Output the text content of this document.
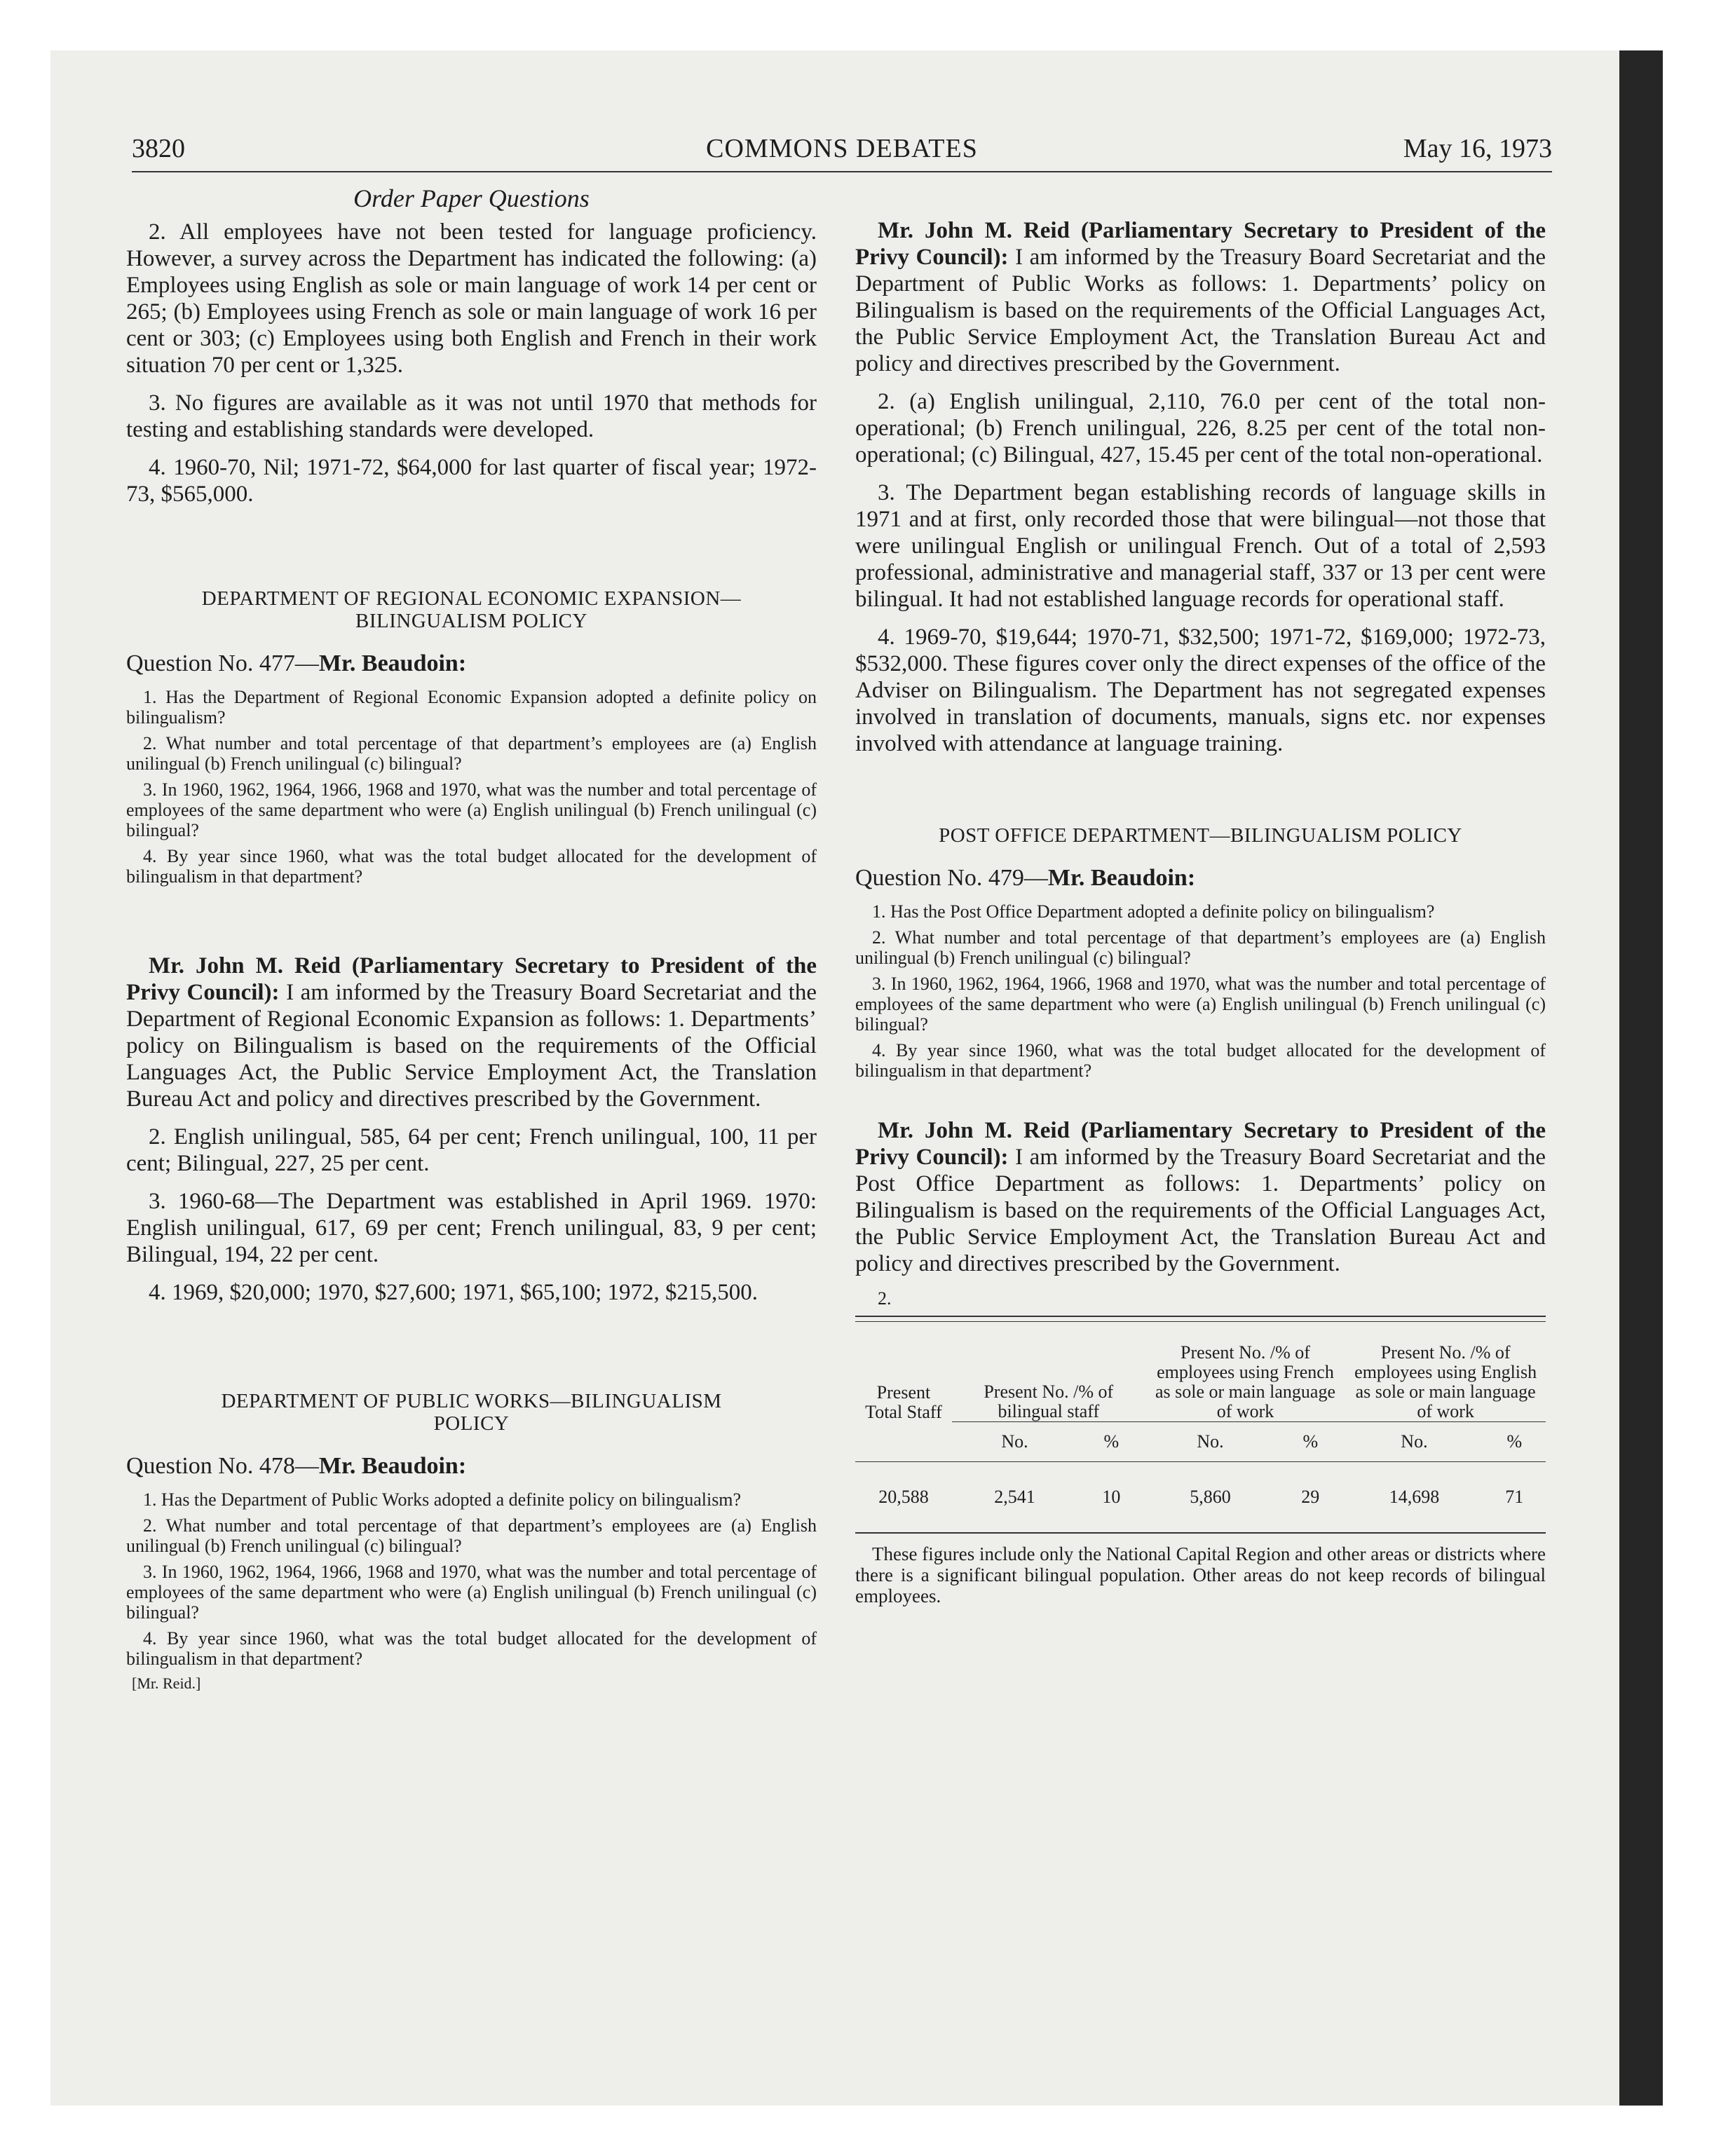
3820	COMMONS DEBATES	May 16, 1973

Order Paper Questions

2. All employees have not been tested for language proficiency. However, a survey across the Department has indicated the following: (a) Employees using English as sole or main language of work 14 per cent or 265; (b) Employees using French as sole or main language of work 16 per cent or 303; (c) Employees using both English and French in their work situation 70 per cent or 1,325.

3. No figures are available as it was not until 1970 that methods for testing and establishing standards were developed.

4. 1960-70, Nil; 1971-72, $64,000 for last quarter of fiscal year; 1972-73, $565,000.

DEPARTMENT OF REGIONAL ECONOMIC EXPANSION—
BILINGUALISM POLICY

Question No. 477—Mr. Beaudoin:

1. Has the Department of Regional Economic Expansion adopted a definite policy on bilingualism?

2. What number and total percentage of that department’s employees are (a) English unilingual (b) French unilingual (c) bilingual?

3. In 1960, 1962, 1964, 1966, 1968 and 1970, what was the number and total percentage of employees of the same department who were (a) English unilingual (b) French unilingual (c) bilingual?

4. By year since 1960, what was the total budget allocated for the development of bilingualism in that department?

Mr. John M. Reid (Parliamentary Secretary to President of the Privy Council): I am informed by the Treasury Board Secretariat and the Department of Regional Economic Expansion as follows: 1. Departments’ policy on Bilingualism is based on the requirements of the Official Languages Act, the Public Service Employment Act, the Translation Bureau Act and policy and directives prescribed by the Government.

2. English unilingual, 585, 64 per cent; French unilingual, 100, 11 per cent; Bilingual, 227, 25 per cent.

3. 1960-68—The Department was established in April 1969. 1970: English unilingual, 617, 69 per cent; French unilingual, 83, 9 per cent; Bilingual, 194, 22 per cent.

4. 1969, $20,000; 1970, $27,600; 1971, $65,100; 1972, $215,500.

DEPARTMENT OF PUBLIC WORKS—BILINGUALISM
POLICY

Question No. 478—Mr. Beaudoin:

1. Has the Department of Public Works adopted a definite policy on bilingualism?

2. What number and total percentage of that department’s employees are (a) English unilingual (b) French unilingual (c) bilingual?

3. In 1960, 1962, 1964, 1966, 1968 and 1970, what was the number and total percentage of employees of the same department who were (a) English unilingual (b) French unilingual (c) bilingual?

4. By year since 1960, what was the total budget allocated for the development of bilingualism in that department?

[Mr. Reid.]

Mr. John M. Reid (Parliamentary Secretary to President of the Privy Council): I am informed by the Treasury Board Secretariat and the Department of Public Works as follows: 1. Departments’ policy on Bilingualism is based on the requirements of the Official Languages Act, the Public Service Employment Act, the Translation Bureau Act and policy and directives prescribed by the Government.

2. (a) English unilingual, 2,110, 76.0 per cent of the total non-operational; (b) French unilingual, 226, 8.25 per cent of the total non-operational; (c) Bilingual, 427, 15.45 per cent of the total non-operational.

3. The Department began establishing records of language skills in 1971 and at first, only recorded those that were bilingual—not those that were unilingual English or unilingual French. Out of a total of 2,593 professional, administrative and managerial staff, 337 or 13 per cent were bilingual. It had not established language records for operational staff.

4. 1969-70, $19,644; 1970-71, $32,500; 1971-72, $169,000; 1972-73, $532,000. These figures cover only the direct expenses of the office of the Adviser on Bilingualism. The Department has not segregated expenses involved in translation of documents, manuals, signs etc. nor expenses involved with attendance at language training.

POST OFFICE DEPARTMENT—BILINGUALISM POLICY

Question No. 479—Mr. Beaudoin:

1. Has the Post Office Department adopted a definite policy on bilingualism?

2. What number and total percentage of that department’s employees are (a) English unilingual (b) French unilingual (c) bilingual?

3. In 1960, 1962, 1964, 1966, 1968 and 1970, what was the number and total percentage of employees of the same department who were (a) English unilingual (b) French unilingual (c) bilingual?

4. By year since 1960, what was the total budget allocated for the development of bilingualism in that department?

Mr. John M. Reid (Parliamentary Secretary to President of the Privy Council): I am informed by the Treasury Board Secretariat and the Post Office Department as follows: 1. Departments’ policy on Bilingualism is based on the requirements of the Official Languages Act, the Public Service Employment Act, the Translation Bureau Act and policy and directives prescribed by the Government.

2.

Present Total Staff	Present No. /% of bilingual staff		Present No. /% of employees using French as sole or main language of work		Present No. /% of employees using English as sole or main language of work	
	No.	%	No.	%	No.	%
20,588	2,541	10	5,860	29	14,698	71

These figures include only the National Capital Region and other areas or districts where there is a significant bilingual population. Other areas do not keep records of bilingual employees.
